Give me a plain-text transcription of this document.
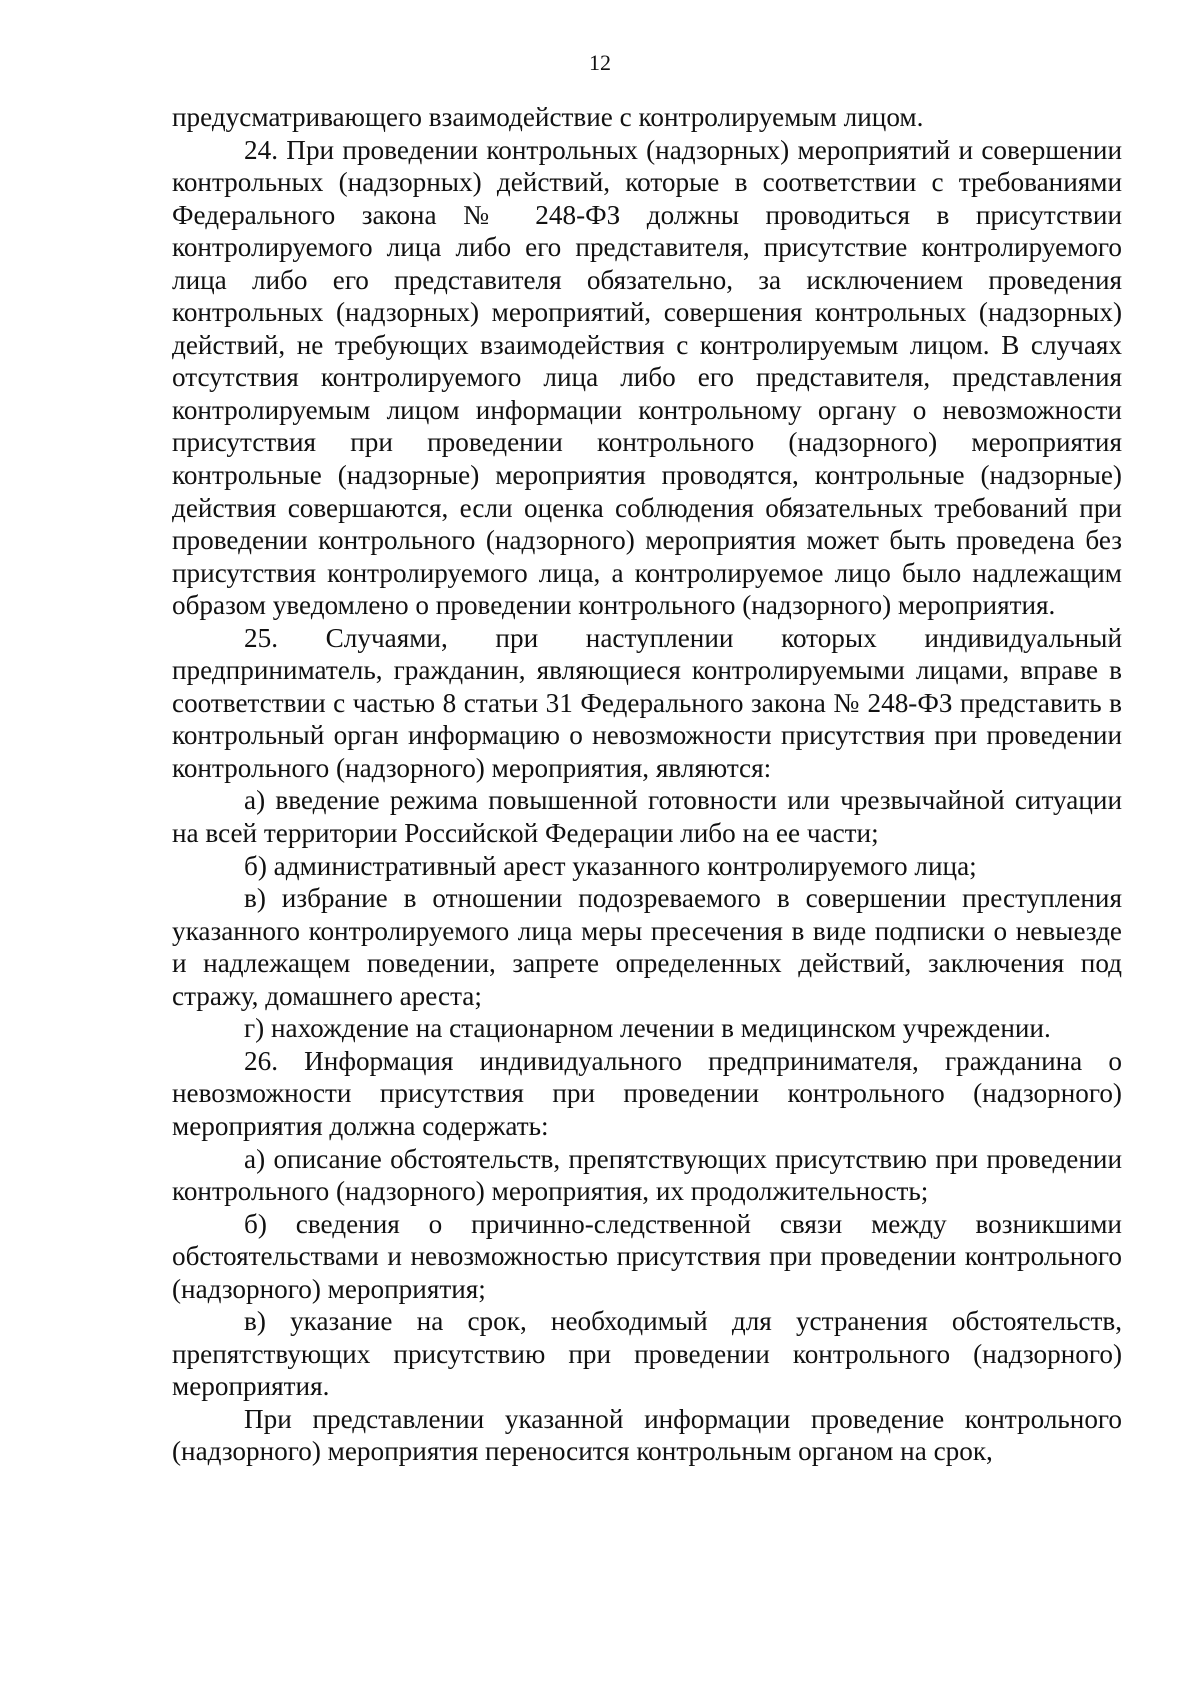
12

предусматривающего взаимодействие с контролируемым лицом.

24. При проведении контрольных (надзорных) мероприятий и совершении контрольных (надзорных) действий, которые в соответствии с требованиями Федерального закона № 248-ФЗ должны проводиться в присутствии контролируемого лица либо его представителя, присутствие контролируемого лица либо его представителя обязательно, за исключением проведения контрольных (надзорных) мероприятий, совершения контрольных (надзорных) действий, не требующих взаимодействия с контролируемым лицом. В случаях отсутствия контролируемого лица либо его представителя, представления контролируемым лицом информации контрольному органу о невозможности присутствия при проведении контрольного (надзорного) мероприятия контрольные (надзорные) мероприятия проводятся, контрольные (надзорные) действия совершаются, если оценка соблюдения обязательных требований при проведении контрольного (надзорного) мероприятия может быть проведена без присутствия контролируемого лица, а контролируемое лицо было надлежащим образом уведомлено о проведении контрольного (надзорного) мероприятия.

25. Случаями, при наступлении которых индивидуальный предприниматель, гражданин, являющиеся контролируемыми лицами, вправе в соответствии с частью 8 статьи 31 Федерального закона № 248-ФЗ представить в контрольный орган информацию о невозможности присутствия при проведении контрольного (надзорного) мероприятия, являются:

а) введение режима повышенной готовности или чрезвычайной ситуации на всей территории Российской Федерации либо на ее части;

б) административный арест указанного контролируемого лица;

в) избрание в отношении подозреваемого в совершении преступления указанного контролируемого лица меры пресечения в виде подписки о невыезде и надлежащем поведении, запрете определенных действий, заключения под стражу, домашнего ареста;

г) нахождение на стационарном лечении в медицинском учреждении.

26. Информация индивидуального предпринимателя, гражданина о невозможности присутствия при проведении контрольного (надзорного) мероприятия должна содержать:

а) описание обстоятельств, препятствующих присутствию при проведении контрольного (надзорного) мероприятия, их продолжительность;

б) сведения о причинно-следственной связи между возникшими обстоятельствами и невозможностью присутствия при проведении контрольного (надзорного) мероприятия;

в) указание на срок, необходимый для устранения обстоятельств, препятствующих присутствию при проведении контрольного (надзорного) мероприятия.

При представлении указанной информации проведение контрольного (надзорного) мероприятия переносится контрольным органом на срок,
